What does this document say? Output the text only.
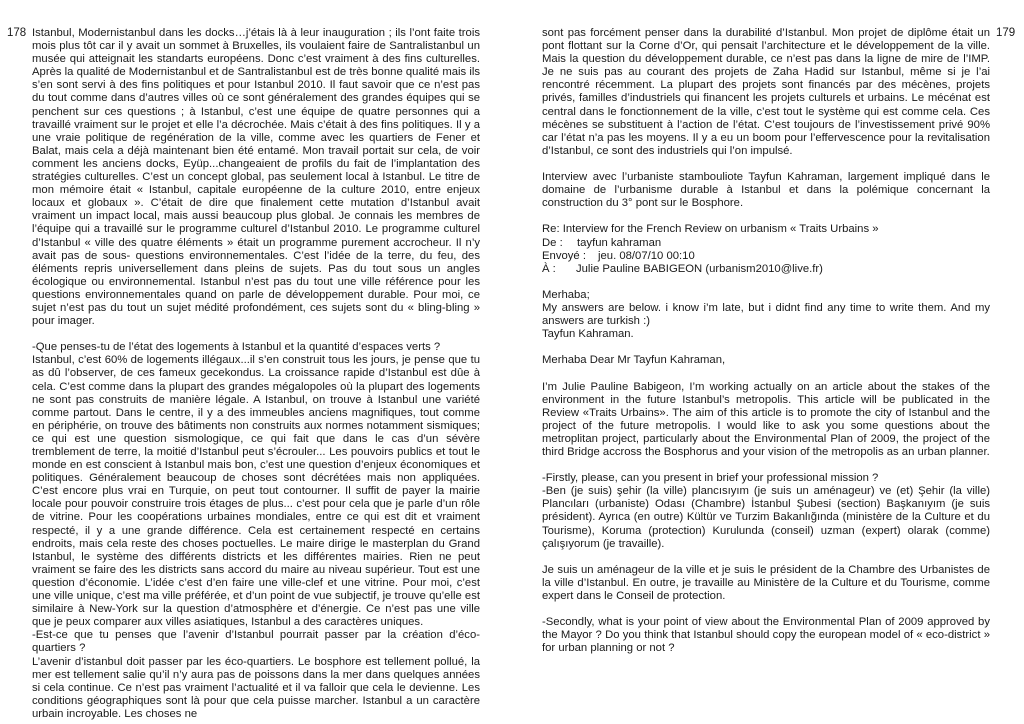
178 Istanbul, Modernistanbul dans les docks…j’étais là à leur inauguration ; ils l’ont faite trois mois plus tôt car il y avait un sommet à Bruxelles, ils voulaient faire de Santralistanbul un musée qui atteignait les standarts européens. Donc c’est vraiment à des fins culturelles. Après la qualité de Modernistanbul et de Santralistanbul est de très bonne qualité mais ils s’en sont servi à des fins politiques et pour Istanbul 2010. Il faut savoir que ce n’est pas du tout comme dans d’autres villes où ce sont généralement des grandes équipes qui se penchent sur ces questions ; à Istanbul, c’est une équipe de quatre personnes qui a travaillé vraiment sur le projet et elle l’a décrochée. Mais c’était à des fins politiques. Il y a une vraie politique de regénération de la ville, comme avec les quartiers de Fener et Balat, mais cela a déjà maintenant bien été entamé. Mon travail portait sur cela, de voir comment les anciens docks, Eyüp...changeaient de profils du fait de l’implantation des stratégies culturelles. C’est un concept global, pas seulement local à Istanbul. Le titre de mon mémoire était « Istanbul, capitale européenne de la culture 2010, entre enjeux locaux et globaux ». C’était de dire que finalement cette mutation d’Istanbul avait vraiment un impact local, mais aussi beaucoup plus global. Je connais les membres de l’équipe qui a travaillé sur le programme culturel d’Istanbul 2010. Le programme culturel d’Istanbul « ville des quatre éléments » était un programme purement accrocheur. Il n’y avait pas de sous- questions environnementales. C’est l’idée de la terre, du feu, des éléments repris universellement dans pleins de sujets. Pas du tout sous un angles écologique ou environnemental. Istanbul n’est pas du tout une ville référence pour les questions environnementales quand on parle de développement durable. Pour moi, ce sujet n’est pas du tout un sujet médité profondément, ces sujets sont du « bling-bling » pour imager.

-Que penses-tu de l’état des logements à Istanbul et la quantité d’espaces verts ?

Istanbul, c’est 60% de logements illégaux...il s’en construit tous les jours, je pense que tu as dû l’observer, de ces fameux gecekondus. La croissance rapide d’Istanbul est dûe à cela. C’est comme dans la plupart des grandes mégalopoles où la plupart des logements ne sont pas construits de manière légale. A Istanbul, on trouve à Istanbul une variété comme partout. Dans le centre, il y a des immeubles anciens magnifiques, tout comme en périphérie, on trouve des bâtiments non construits aux normes notamment sismiques; ce qui est une question sismologique, ce qui fait que dans le cas d’un sévère tremblement de terre, la moitié d’Istanbul peut s’écrouler... Les pouvoirs publics et tout le monde en est conscient à Istanbul mais bon, c’est une question d’enjeux économiques et politiques. Généralement beaucoup de choses sont décrétées mais non appliquées. C’est encore plus vrai en Turquie, on peut tout contourner. Il suffit de payer la mairie locale pour pouvoir construire trois étages de plus... c’est pour cela que je parle d’un rôle de vitrine. Pour les coopérations urbaines mondiales, entre ce qui est dit et vraiment respecté, il y a une grande différence. Cela est certainement respecté en certains endroits, mais cela reste des choses poctuelles. Le maire dirige le masterplan du Grand Istanbul, le système des différents districts et les différentes mairies. Rien ne peut vraiment se faire des les districts sans accord du maire au niveau supérieur. Tout est une question d’économie. L’idée c’est d’en faire une ville-clef et une vitrine. Pour moi, c’est une ville unique, c’est ma ville préférée, et d’un point de vue subjectif, je trouve qu’elle est similaire à New-York sur la question d’atmosphère et d’énergie. Ce n’est pas une ville que je peux comparer aux villes asiatiques, Istanbul a des caractères uniques.

-Est-ce que tu penses que l’avenir d’Istanbul pourrait passer par la création d’éco-quartiers ?

L’avenir d’istanbul doit passer par les éco-quartiers. Le bosphore est tellement pollué, la mer est tellement salie qu’il n’y aura pas de poissons dans la mer dans quelques années si cela continue. Ce n’est pas vraiment l’actualité et il va falloir que cela le devienne. Les conditions géographiques sont là pour que cela puisse marcher. Istanbul a un caractère urbain incroyable. Les choses ne

179

sont pas forcément penser dans la durabilité d’Istanbul. Mon projet de diplôme était un pont flottant sur la Corne d’Or, qui pensait l’architecture et le développement de la ville. Mais la question du développement durable, ce n’est pas dans la ligne de mire de l’IMP. Je ne suis pas au courant des projets de Zaha Hadid sur Istanbul, même si je l’ai rencontré récemment. La plupart des projets sont financés par des mécènes, projets privés, familles d’industriels qui financent les projets culturels et urbains. Le mécénat est central dans le fonctionnement de la ville, c’est tout le système qui est comme cela. Ces mécènes se substituent à l’action de l’état. C’est toujours de l’investissement privé 90% car l’état n’a pas les moyens. Il y a eu un boom pour l’effervescence pour la revitalisation d’Istanbul, ce sont des industriels qui l’on impulsé.

Interview avec l’urbaniste stambouliote Tayfun Kahraman, largement impliqué dans le domaine de l’urbanisme durable à Istanbul et dans la polémique concernant la construction du 3° pont sur le Bosphore.

Re: Interview for the French Review on urbanism « Traits Urbains »
De :	tayfun kahraman
Envoyé :	jeu. 08/07/10 00:10
À :	Julie Pauline BABIGEON (urbanism2010@live.fr)

Merhaba;

My answers are below. i know i’m late, but i didnt find any time to write them. And my answers are turkish :)

Tayfun Kahraman.

Merhaba Dear Mr Tayfun Kahraman,

I’m Julie Pauline Babigeon, I’m working actually on an article about the stakes of the environment in the future Istanbul’s metropolis. This article will be publicated in the Review «Traits Urbains». The aim of this article is to promote the city of Istanbul and the project of the future metropolis. I would like to ask you some questions about the metroplitan project, particularly about the Environmental Plan of 2009, the project of the third Bridge accross the Bosphorus and your vision of the metropolis as an urban planner.

-Firstly, please, can you present in brief your professional mission ?

-Ben (je suis) şehir (la ville) plancısıyım (je suis un aménageur) ve (et) Şehir (la ville) Plancıları (urbaniste) Odası (Chambre) İstanbul Şubesi (section) Başkanıyım (je suis président). Ayrıca (en outre) Kültür ve Turzim Bakanlığında (ministère de la Culture et du Tourisme), Koruma (protection) Kurulunda (conseil) uzman (expert) olarak (comme) çalışıyorum (je travaille).

Je suis un aménageur de la ville et je suis le président de la Chambre des Urbanistes de la ville d’Istanbul. En outre, je travaille au Ministère de la Culture et du Tourisme, comme expert dans le Conseil de protection.

-Secondly, what is your point of view about the Environmental Plan of 2009 approved by the Mayor ? Do you think that Istanbul should copy the european model of « eco-district » for urban planning or not ?
